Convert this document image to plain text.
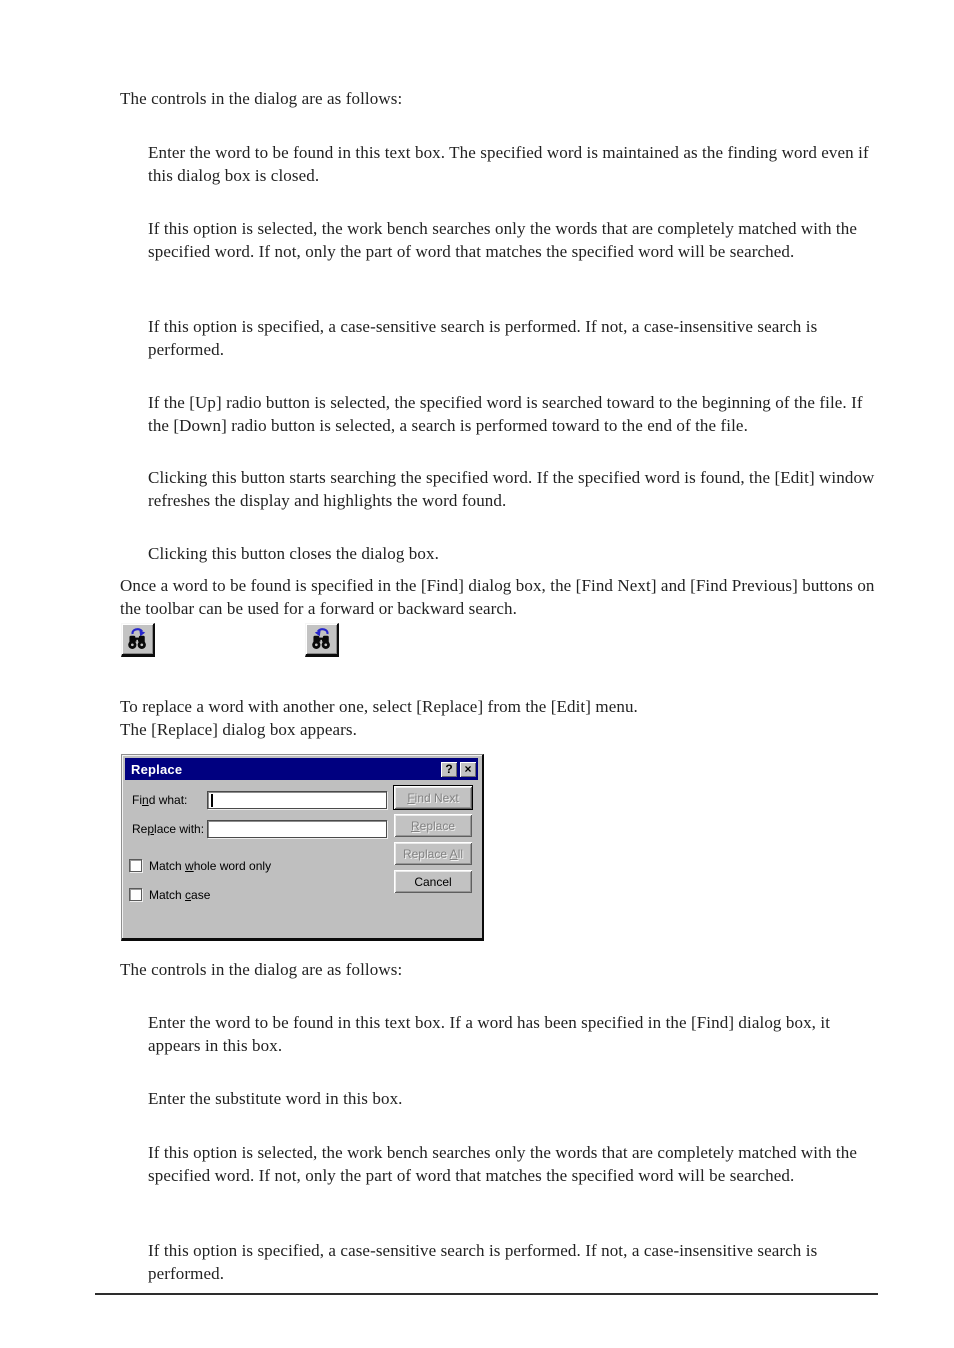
The controls in the dialog are as follows:
Enter the word to be found in this text box. The specified word is maintained as the finding word even if this dialog box is closed.
If this option is selected, the work bench searches only the words that are completely matched with the specified word. If not, only the part of word that matches the specified word will be searched.
If this option is specified, a case-sensitive search is performed. If not, a case-insensitive search is performed.
If the [Up] radio button is selected, the specified word is searched toward to the beginning of the file. If the [Down] radio button is selected, a search is performed toward to the end of the file.
Clicking this button starts searching the specified word. If the specified word is found, the [Edit] window refreshes the display and highlights the word found.
Clicking this button closes the dialog box.
Once a word to be found is specified in the [Find] dialog box, the [Find Next] and [Find Previous] buttons on the toolbar can be used for a forward or backward search.
To replace a word with another one, select [Replace] from the [Edit] menu.
The [Replace] dialog box appears.
Replace	? ×
Find what:
Replace with:
Match whole word only
Match case
Find Next
Replace
Replace All
Cancel
The controls in the dialog are as follows:
Enter the word to be found in this text box. If a word has been specified in the [Find] dialog box, it appears in this box.
Enter the substitute word in this box.
If this option is selected, the work bench searches only the words that are completely matched with the specified word. If not, only the part of word that matches the specified word will be searched.
If this option is specified, a case-sensitive search is performed. If not, a case-insensitive search is performed.
